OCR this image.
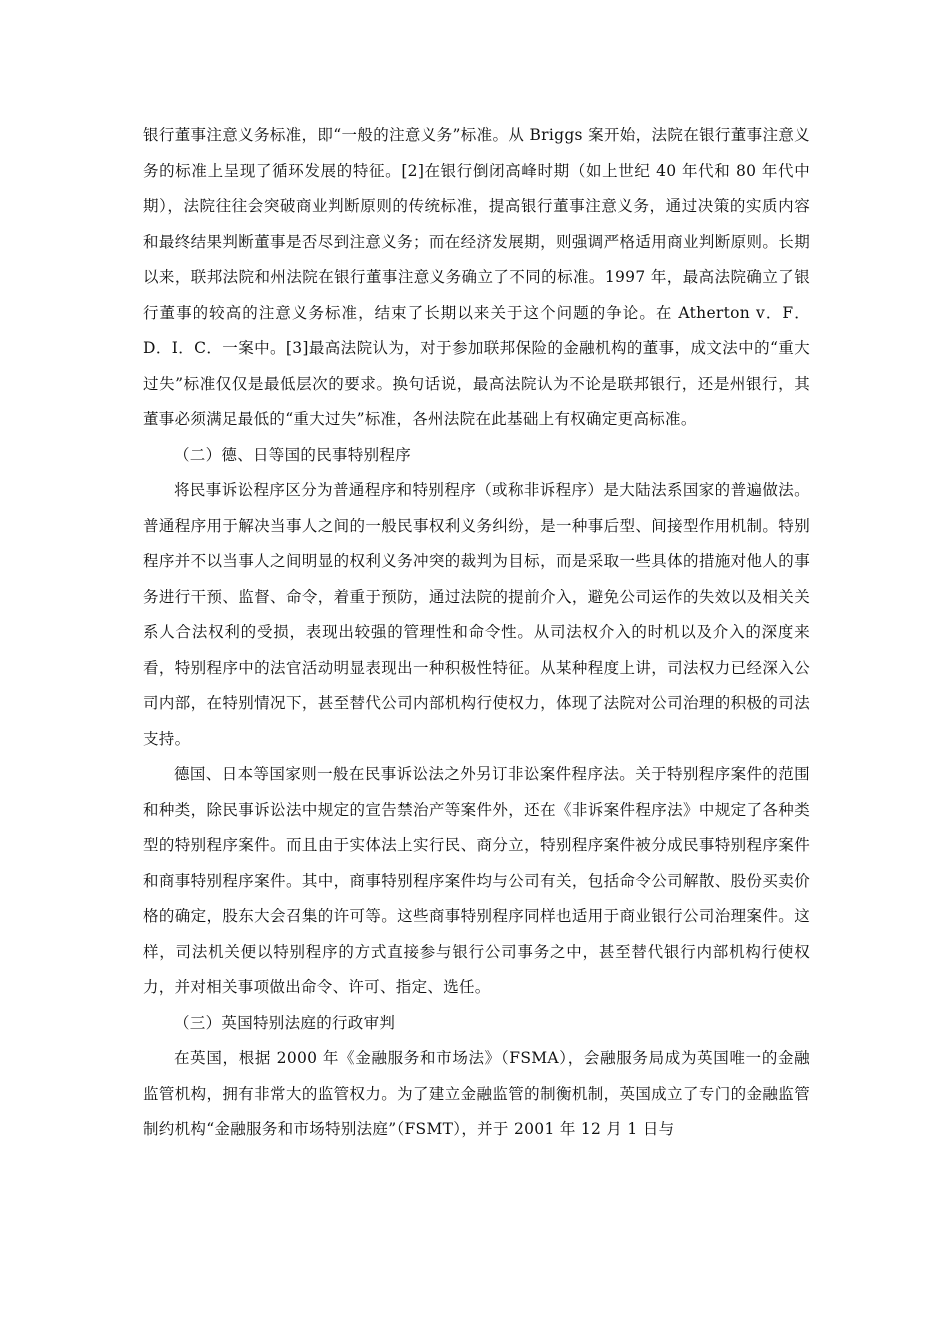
银行董事注意义务标准，即“一般的注意义务”标准。从 Briggs 案开始，法院在银行董事注意义务的标准上呈现了循环发展的特征。[2]在银行倒闭高峰时期（如上世纪 40 年代和 80 年代中期），法院往往会突破商业判断原则的传统标准，提高银行董事注意义务，通过决策的实质内容和最终结果判断董事是否尽到注意义务；而在经济发展期，则强调严格适用商业判断原则。长期以来，联邦法院和州法院在银行董事注意义务确立了不同的标准。1997 年，最高法院确立了银行董事的较高的注意义务标准，结束了长期以来关于这个问题的争论。在 Atherton v．F．D．I．C．一案中。[3]最高法院认为，对于参加联邦保险的金融机构的董事，成文法中的“重大过失”标准仅仅是最低层次的要求。换句话说，最高法院认为不论是联邦银行，还是州银行，其董事必须满足最低的“重大过失”标准，各州法院在此基础上有权确定更高标准。

（二）德、日等国的民事特别程序

将民事诉讼程序区分为普通程序和特别程序（或称非诉程序）是大陆法系国家的普遍做法。普通程序用于解决当事人之间的一般民事权利义务纠纷，是一种事后型、间接型作用机制。特别程序并不以当事人之间明显的权利义务冲突的裁判为目标，而是采取一些具体的措施对他人的事务进行干预、监督、命令，着重于预防，通过法院的提前介入，避免公司运作的失效以及相关关系人合法权利的受损，表现出较强的管理性和命令性。从司法权介入的时机以及介入的深度来看，特别程序中的法官活动明显表现出一种积极性特征。从某种程度上讲，司法权力已经深入公司内部，在特别情况下，甚至替代公司内部机构行使权力，体现了法院对公司治理的积极的司法支持。

德国、日本等国家则一般在民事诉讼法之外另订非讼案件程序法。关于特别程序案件的范围和种类，除民事诉讼法中规定的宣告禁治产等案件外，还在《非诉案件程序法》中规定了各种类型的特别程序案件。而且由于实体法上实行民、商分立，特别程序案件被分成民事特别程序案件和商事特别程序案件。其中，商事特别程序案件均与公司有关，包括命令公司解散、股份买卖价格的确定，股东大会召集的许可等。这些商事特别程序同样也适用于商业银行公司治理案件。这样，司法机关便以特别程序的方式直接参与银行公司事务之中，甚至替代银行内部机构行使权力，并对相关事项做出命令、许可、指定、选任。

（三）英国特别法庭的行政审判

在英国，根据 2000 年《金融服务和市场法》（FSMA），会融服务局成为英国唯一的金融监管机构，拥有非常大的监管权力。为了建立金融监管的制衡机制，英国成立了专门的金融监管制约机构“金融服务和市场特别法庭”（FSMT），并于 2001 年 12 月 1 日与
